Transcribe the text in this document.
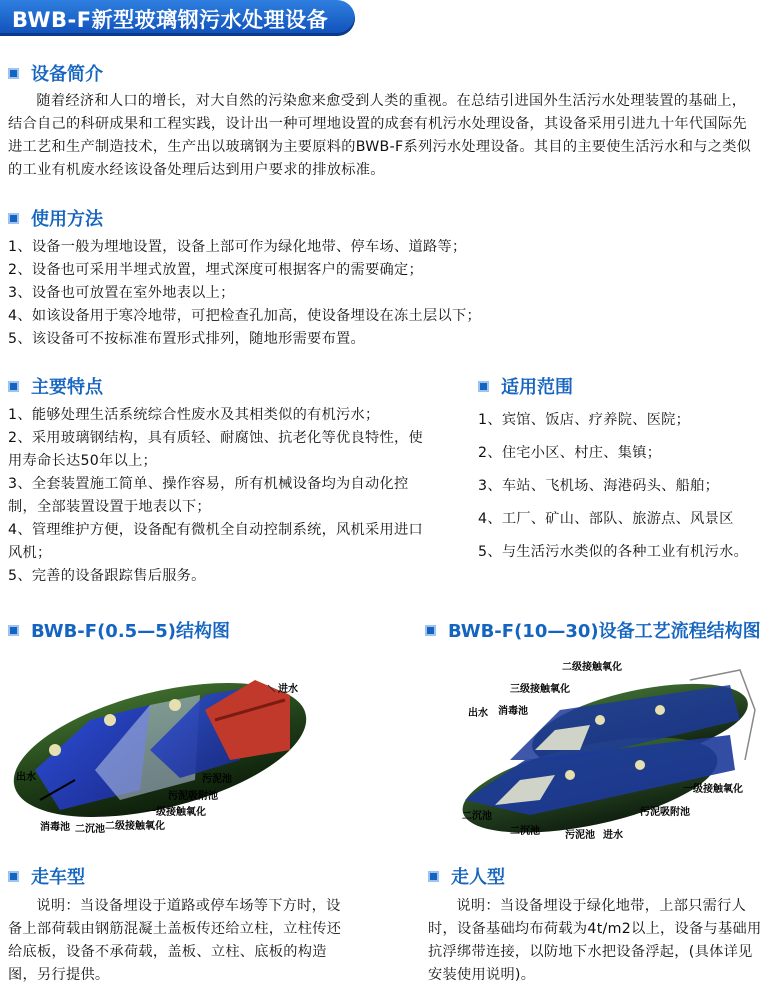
BWB-F新型玻璃钢污水处理设备
设备简介

随着经济和人口的增长，对大自然的污染愈来愈受到人类的重视。在总结引进国外生活污水处理装置的基础上，结合自己的科研成果和工程实践，设计出一种可埋地设置的成套有机污水处理设备，其设备采用引进九十年代国际先进工艺和生产制造技术，生产出以玻璃钢为主要原料的BWB-F系列污水处理设备。其目的主要使生活污水和与之类似的工业有机废水经该设备处理后达到用户要求的排放标准。

使用方法
1、设备一般为埋地设置，设备上部可作为绿化地带、停车场、道路等；
2、设备也可采用半埋式放置，埋式深度可根据客户的需要确定；
3、设备也可放置在室外地表以上；
4、如该设备用于寒冷地带，可把检查孔加高，使设备埋设在冻土层以下；
5、该设备可不按标准布置形式排列，随地形需要布置。
主要特点
1、能够处理生活系统综合性废水及其相类似的有机污水；
2、采用玻璃钢结构，具有质轻、耐腐蚀、抗老化等优良特性，使用寿命长达50年以上；
3、全套装置施工简单、操作容易，所有机械设备均为自动化控制，全部装置设置于地表以下；
4、管理维护方便，设备配有微机全自动控制系统，风机采用进口风机；
5、完善的设备跟踪售后服务。
适用范围
1、宾馆、饭店、疗养院、医院；
2、住宅小区、村庄、集镇；
3、车站、飞机场、海港码头、船舶；
4、工厂、矿山、部队、旅游点、风景区
5、与生活污水类似的各种工业有机污水。
BWB-F(0.5—5)结构图	BWB-F(10—30)设备工艺流程结构图
进水
出水	污泥池
污泥吸附池
一级接触氧化
二级接触氧化
二沉池
消毒池
二级接触氧化
三级接触氧化
出水 消毒池
一级接触氧化
污泥吸附池
二沉池
二沉池	污泥池 进水
走车型

说明：当设备埋设于道路或停车场等下方时，设备上部荷载由钢筋混凝土盖板传还给立柱，立柱传还给底板，设备不承荷载，盖板、立柱、底板的构造图，另行提供。

走人型

说明：当设备埋设于绿化地带，上部只需行人时，设备基础均布荷载为4t/m2以上，设备与基础用抗浮绑带连接，以防地下水把设备浮起，(具体详见安装使用说明)。
